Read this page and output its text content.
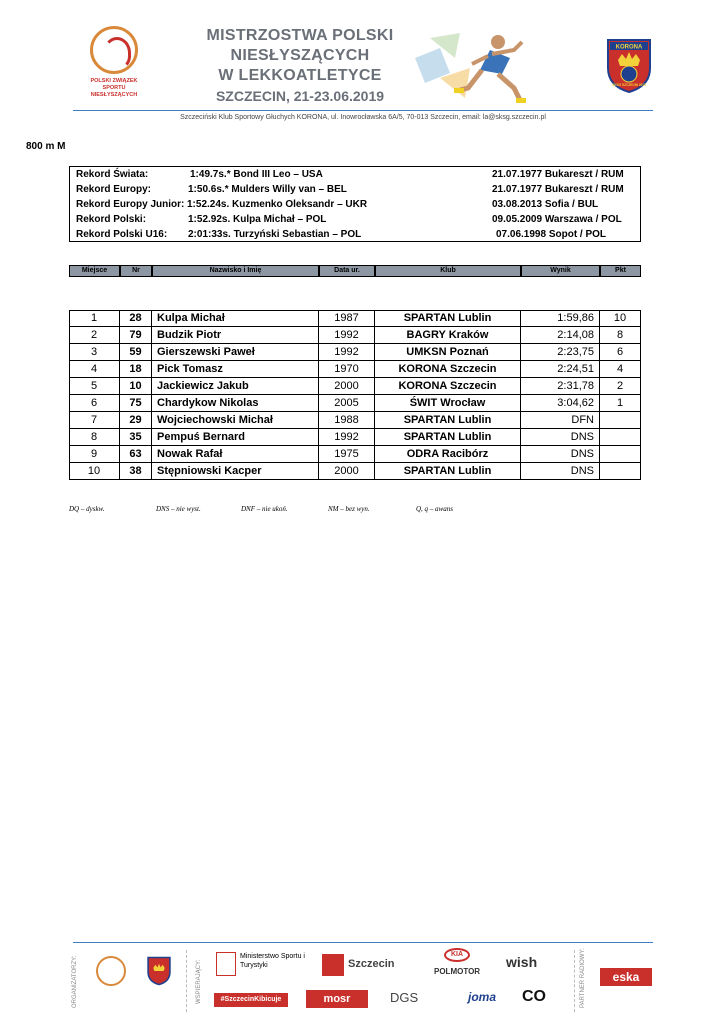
POLSKI ZWIĄZEK SPORTU NIESŁYSZĄCYCH
MISTRZOSTWA POLSKI
NIESŁYSZĄCYCH
W LEKKOATLETYCE
SZCZECIN, 21-23.06.2019
KORONA
SKSG SZCZECIN 2013
Szczeciński Klub Sportowy Głuchych KORONA, ul. Inowrocławska 6A/5, 70-013 Szczecin, email: la@sksg.szczecin.pl
800 m M
Rekord Świata:	1:49.7s.* Bond III Leo – USA	21.07.1977 Bukareszt / RUM
Rekord Europy:	1:50.6s.* Mulders Willy van – BEL	21.07.1977 Bukareszt / RUM
Rekord Europy Junior: 1:52.24s. Kuzmenko Oleksandr – UKR	03.08.2013 Sofia / BUL
Rekord Polski:	1:52.92s. Kulpa Michał – POL	09.05.2009 Warszawa / POL
Rekord Polski U16: 2:01:33s. Turzyński Sebastian – POL	07.06.1998 Sopot / POL
Miejsce	Nr	Nazwisko i Imię	Data ur.	Klub	Wynik	Pkt
1	28	Kulpa Michał	1987	SPARTAN Lublin	1:59,86	10
2	79	Budzik Piotr	1992	BAGRY Kraków	2:14,08	8
3	59	Gierszewski Paweł	1992	UMKSN Poznań	2:23,75	6
4	18	Pick Tomasz	1970	KORONA Szczecin	2:24,51	4
5	10	Jackiewicz Jakub	2000	KORONA Szczecin	2:31,78	2
6	75	Chardykow Nikolas	2005	ŚWIT Wrocław	3:04,62	1
7	29	Wojciechowski Michał	1988	SPARTAN Lublin	DFN
8	35	Pempuś Bernard	1992	SPARTAN Lublin	DNS
9	63	Nowak Rafał	1975	ODRA Racibórz	DNS
10	38	Stępniowski Kacper	2000	SPARTAN Lublin	DNS
DQ – dyskw.	DNS – nie wyst.	DNF – nie ukoń.	NM – bez wyn.	Q, q – awans
ORGANIZATORZY:	WSPIERAJĄCY:
Ministerstwo Sportu i Turystyki
#SzczecinKibicuje
Szczecin
mosr
KIA
POLMOTOR
DGS	joma
wish
CO	PARTNER RADIOWY:	eska
